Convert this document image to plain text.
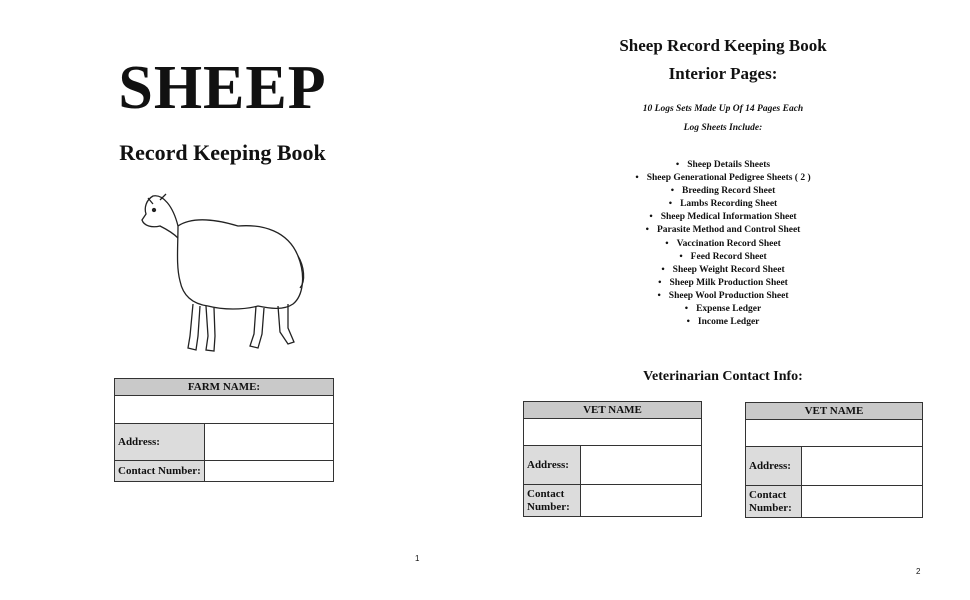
SHEEP
Record Keeping Book
FARM NAME:	

Address:	
Contact Number:	
1
Sheep Record Keeping Book
Interior Pages:
10 Logs Sets Made Up Of 14 Pages Each
Log Sheets Include:
• Sheep Details Sheets
• Sheep Generational Pedigree Sheets ( 2 )
• Breeding Record Sheet
• Lambs Recording Sheet
• Sheep Medical Information Sheet
• Parasite Method and Control Sheet
• Vaccination Record Sheet
• Feed Record Sheet
• Sheep Weight Record Sheet
• Sheep Milk Production Sheet
• Sheep Wool Production Sheet
• Expense Ledger
• Income Ledger
Veterinarian Contact Info:
VET NAME	

Address:	
Contact Number:	
VET NAME	

Address:	
Contact Number:	
2
